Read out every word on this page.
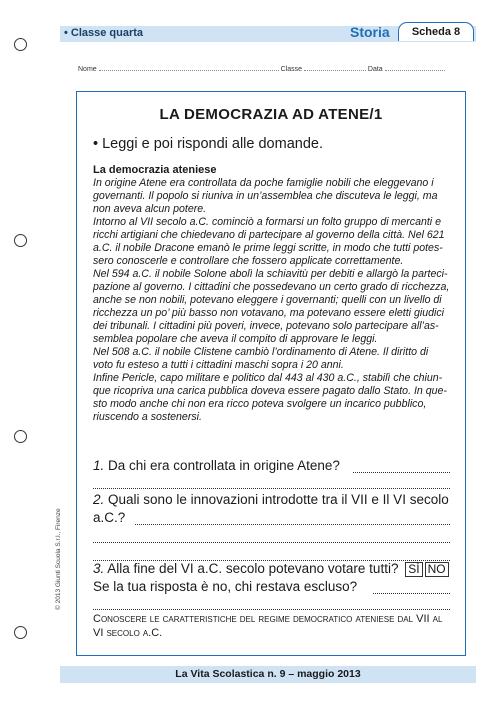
• Classe quarta	Storia	Scheda 8
Nome	Classe	Data
LA DEMOCRAZIA AD ATENE/1
• Leggi e poi rispondi alle domande.
La democrazia ateniese

In origine Atene era controllata da poche famiglie nobili che eleggevano i
governanti. Il popolo si riuniva in un’assemblea che discuteva le leggi, ma
non aveva alcun potere.
Intorno al VII secolo a.C. cominciò a formarsi un folto gruppo di mercanti e
ricchi artigiani che chiedevano di partecipare al governo della città. Nel 621
a.C. il nobile Dracone emanò le prime leggi scritte, in modo che tutti potes-
sero conoscerle e controllare che fossero applicate correttamente.
Nel 594 a.C. il nobile Solone abolì la schiavitù per debiti e allargò la parteci-
pazione al governo. I cittadini che possedevano un certo grado di ricchezza,
anche se non nobili, potevano eleggere i governanti; quelli con un livello di
ricchezza un po’ più basso non votavano, ma potevano essere eletti giudici
dei tribunali. I cittadini più poveri, invece, potevano solo partecipare all’as-
semblea popolare che aveva il compito di approvare le leggi.
Nel 508 a.C. il nobile Clistene cambiò l’ordinamento di Atene. Il diritto di
voto fu esteso a tutti i cittadini maschi sopra i 20 anni.
Infine Pericle, capo militare e politico dal 443 al 430 a.C., stabilì che chiun-
que ricopriva una carica pubblica doveva essere pagato dallo Stato. In que-
sto modo anche chi non era ricco poteva svolgere un incarico pubblico,
riuscendo a sostenersi.

1. Da chi era controllata in origine Atene?
2. Quali sono le innovazioni introdotte tra il VII e Il VI secolo
a.C.?
3. Alla fine del VI a.C. secolo potevano votare tutti? SÌ NO
Se la tua risposta è no, chi restava escluso?
Conoscere le caratteristiche del regime democratico ateniese dal VII al VI secolo a.C.
© 2013 Giunti Scuola S.r.l., Firenze
La Vita Scolastica n. 9 – maggio 2013
